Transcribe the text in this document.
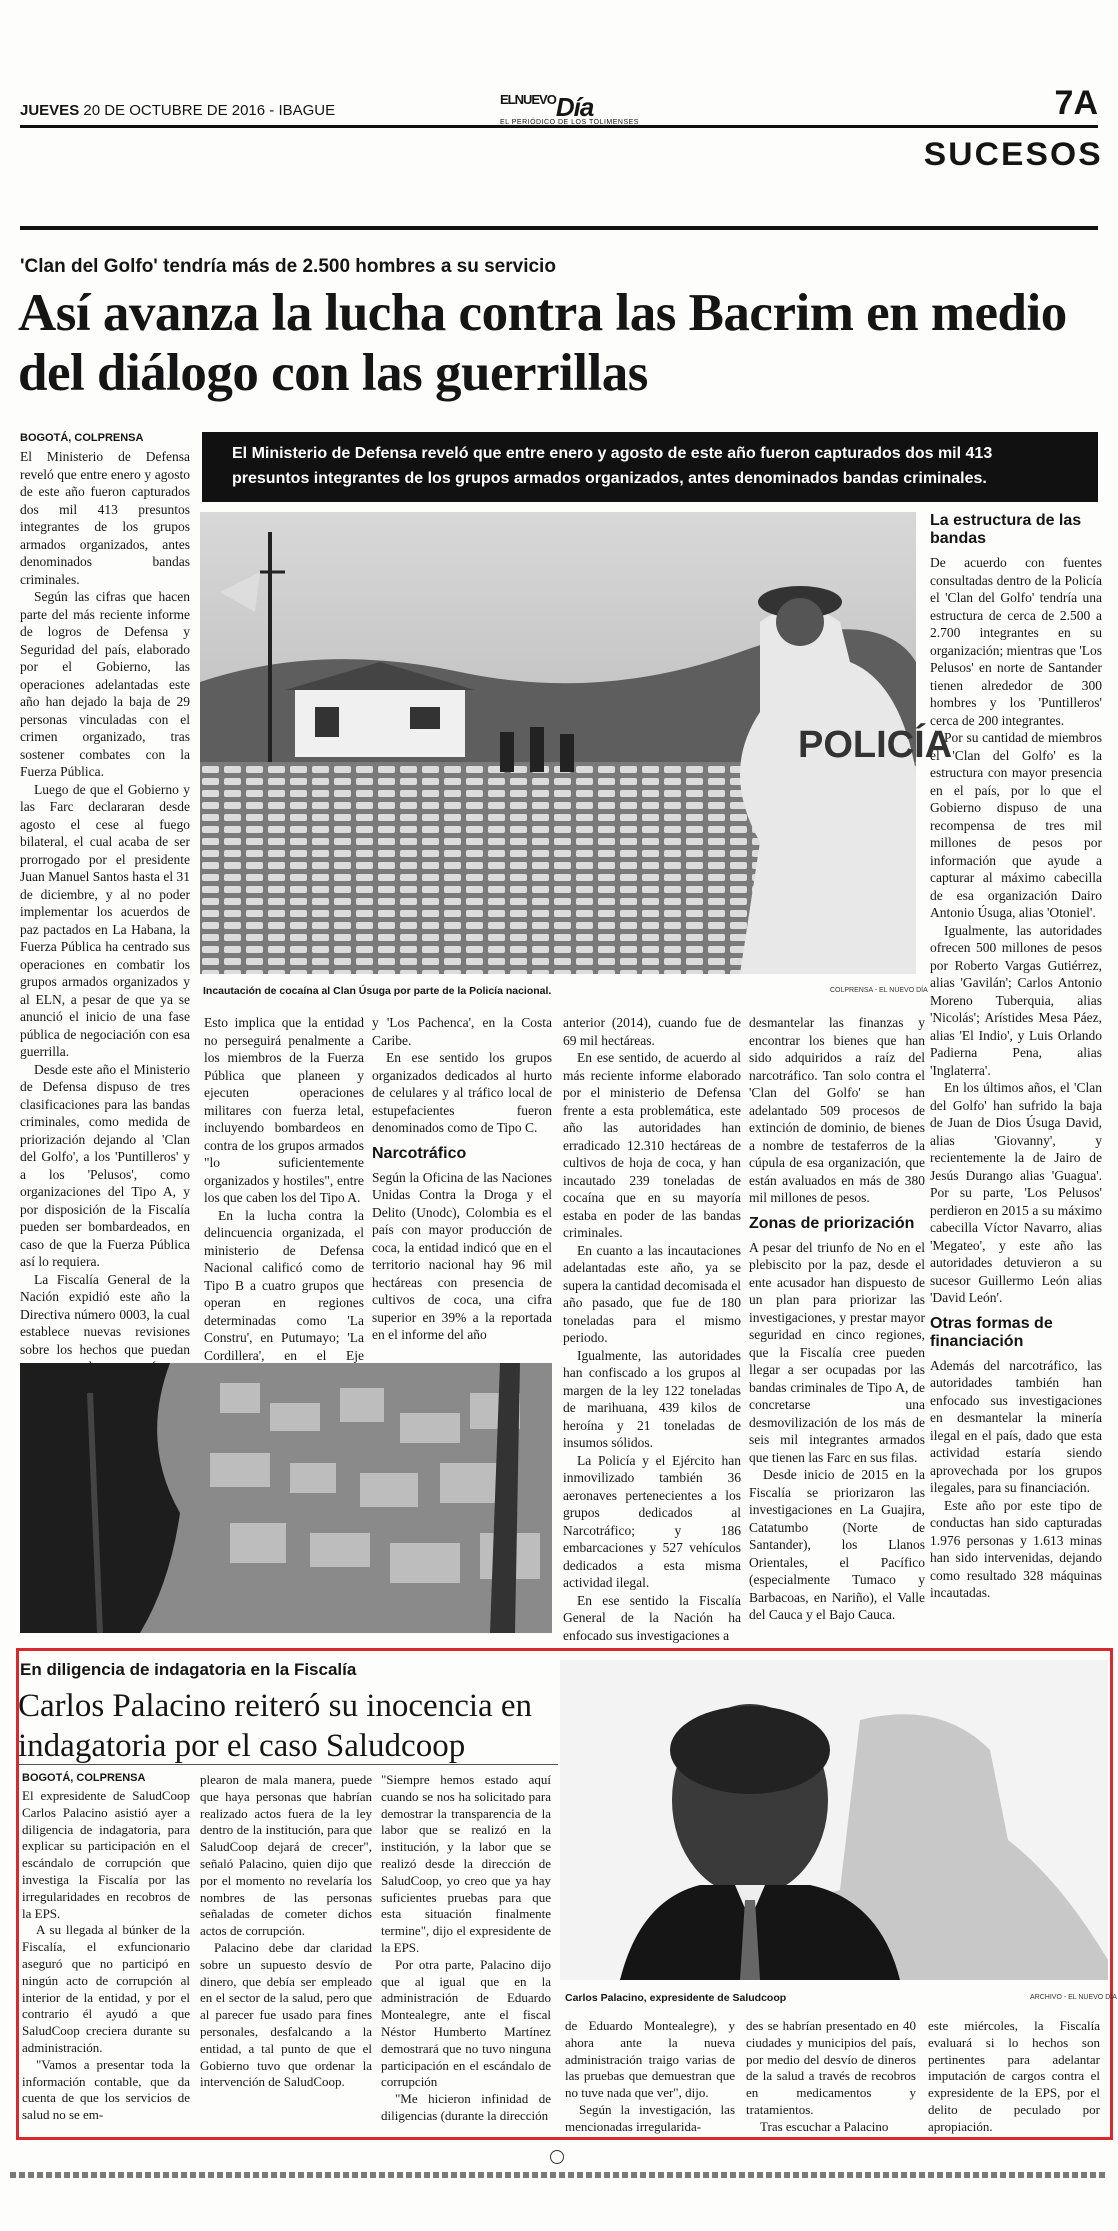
JUEVES 20 DE OCTUBRE DE 2016 - IBAGUE
$^{ELNUEVO}$Día
EL PERIÓDICO DE LOS TOLIMENSES
7A
SUCESOS
'Clan del Golfo' tendría más de 2.500 hombres a su servicio
Así avanza la lucha contra las Bacrim en medio del diálogo con las guerrillas
El Ministerio de Defensa reveló que entre enero y agosto de este año fueron capturados dos mil 413 presuntos integrantes de los grupos armados organizados, antes denominados bandas criminales.
BOGOTÁ, COLPRENSA

El Ministerio de Defensa reveló que entre enero y agosto de este año fueron capturados dos mil 413 presuntos integrantes de los grupos armados organizados, antes denominados bandas criminales.

Según las cifras que hacen parte del más reciente informe de logros de Defensa y Seguridad del país, elaborado por el Gobierno, las operaciones adelantadas este año han dejado la baja de 29 personas vinculadas con el crimen organizado, tras sostener combates con la Fuerza Pública.

Luego de que el Gobierno y las Farc declararan desde agosto el cese al fuego bilateral, el cual acaba de ser prorrogado por el presidente Juan Manuel Santos hasta el 31 de diciembre, y al no poder implementar los acuerdos de paz pactados en La Habana, la Fuerza Pública ha centrado sus operaciones en combatir los grupos armados organizados y al ELN, a pesar de que ya se anunció el inicio de una fase pública de negociación con esa guerrilla.

Desde este año el Ministerio de Defensa dispuso de tres clasificaciones para las bandas criminales, como medida de priorización dejando al 'Clan del Golfo', a los 'Puntilleros' y a los 'Pelusos', como organizaciones del Tipo A, y por disposición de la Fiscalía pueden ser bombardeados, en caso de que la Fuerza Pública así lo requiera.

La Fiscalía General de la Nación expidió este año la Directiva número 0003, la cual establece nuevas revisiones sobre los hechos que puedan

POLICÍA
Incautación de cocaína al Clan Úsuga por parte de la Policía nacional.	COLPRENSA - EL NUEVO DÍA

Esto implica que la entidad no perseguirá penalmente a los miembros de la Fuerza Pública que planeen y ejecuten operaciones militares con fuerza letal, incluyendo bombardeos en contra de los grupos armados "lo suficientemente organizados y hostiles", entre los que caben los del Tipo A.

En la lucha contra la delincuencia organizada, el ministerio de Defensa Nacional calificó como de Tipo B a cuatro grupos que operan en regiones determinadas como 'La Constru', en Putumayo; 'La Cordillera', en el Eje

y 'Los Pachenca', en la Costa Caribe.

En ese sentido los grupos organizados dedicados al hurto de celulares y al tráfico local de estupefacientes fueron denominados como de Tipo C.

Narcotráfico

Según la Oficina de las Naciones Unidas Contra la Droga y el Delito (Unodc), Colombia es el país con mayor producción de coca, la entidad indicó que en el territorio nacional hay 96 mil hectáreas con presencia de cultivos de coca, una cifra superior en 39% a la reportada en el informe del año

anterior (2014), cuando fue de 69 mil hectáreas.

En ese sentido, de acuerdo al más reciente informe elaborado por el ministerio de Defensa frente a esta problemática, este año las autoridades han erradicado 12.310 hectáreas de cultivos de hoja de coca, y han incautado 239 toneladas de cocaína que en su mayoría estaba en poder de las bandas criminales.

En cuanto a las incautaciones adelantadas este año, ya se supera la cantidad decomisada el año pasado, que fue de 180 toneladas para el mismo periodo.

Igualmente, las autoridades han confiscado a los grupos al margen de la ley 122 toneladas de marihuana, 439 kilos de heroína y 21 toneladas de insumos sólidos.

La Policía y el Ejército han inmovilizado también 36 aeronaves pertenecientes a los grupos dedicados al Narcotráfico; y 186 embarcaciones y 527 vehículos dedicados a esta misma actividad ilegal.

En ese sentido la Fiscalía General de la Nación ha enfocado sus investigaciones a

desmantelar las finanzas y encontrar los bienes que han sido adquiridos a raíz del narcotráfico. Tan solo contra el 'Clan del Golfo' se han adelantado 509 procesos de extinción de dominio, de bienes a nombre de testaferros de la cúpula de esa organización, que están avaluados en más de 380 mil millones de pesos.

Zonas de priorización

A pesar del triunfo de No en el plebiscito por la paz, desde el ente acusador han dispuesto de un plan para priorizar las investigaciones, y prestar mayor seguridad en cinco regiones, que la Fiscalía cree pueden llegar a ser ocupadas por las bandas criminales de Tipo A, de concretarse una desmovilización de los más de seis mil integrantes armados que tienen las Farc en sus filas.

Desde inicio de 2015 en la Fiscalía se priorizaron las investigaciones en La Guajira, Catatumbo (Norte de Santander), los Llanos Orientales, el Pacífico (especialmente Tumaco y Barbacoas, en Nariño), el Valle del Cauca y el Bajo Cauca.

La estructura de las bandas

De acuerdo con fuentes consultadas dentro de la Policía el 'Clan del Golfo' tendría una estructura de cerca de 2.500 a 2.700 integrantes en su organización; mientras que 'Los Pelusos' en norte de Santander tienen alrededor de 300 hombres y los 'Puntilleros' cerca de 200 integrantes.

Por su cantidad de miembros el 'Clan del Golfo' es la estructura con mayor presencia en el país, por lo que el Gobierno dispuso de una recompensa de tres mil millones de pesos por información que ayude a capturar al máximo cabecilla de esa organización Dairo Antonio Úsuga, alias 'Otoniel'.

Igualmente, las autoridades ofrecen 500 millones de pesos por Roberto Vargas Gutiérrez, alias 'Gavilán'; Carlos Antonio Moreno Tuberquia, alias 'Nicolás'; Arístides Mesa Páez, alias 'El Indio', y Luis Orlando Padierna Pena, alias 'Inglaterra'.

En los últimos años, el 'Clan del Golfo' han sufrido la baja de Juan de Dios Úsuga David, alias 'Giovanny', y recientemente la de Jairo de Jesús Durango alias 'Guagua'. Por su parte, 'Los Pelusos' perdieron en 2015 a su máximo cabecilla Víctor Navarro, alias 'Megateo', y este año las autoridades detuvieron a su sucesor Guillermo León alias 'David León'.

Otras formas de financiación

Además del narcotráfico, las autoridades también han enfocado sus investigaciones en desmantelar la minería ilegal en el país, dado que esta actividad estaría siendo aprovechada por los grupos ilegales, para su financiación.

Este año por este tipo de conductas han sido capturadas 1.976 personas y 1.613 minas han sido intervenidas, dejando como resultado 328 máquinas incautadas.

En diligencia de indagatoria en la Fiscalía
Carlos Palacino reiteró su inocencia en indagatoria por el caso Saludcoop
BOGOTÁ, COLPRENSA

El expresidente de SaludCoop Carlos Palacino asistió ayer a diligencia de indagatoria, para explicar su participación en el escándalo de corrupción que investiga la Fiscalía por las irregularidades en recobros de la EPS.

A su llegada al búnker de la Fiscalía, el exfuncionario aseguró que no participó en ningún acto de corrupción al interior de la entidad, y por el contrario él ayudó a que SaludCoop creciera durante su administración.

"Vamos a presentar toda la información contable, que da cuenta de que los servicios de salud no se em-

plearon de mala manera, puede que haya personas que habrían realizado actos fuera de la ley dentro de la institución, para que SaludCoop dejará de crecer", señaló Palacino, quien dijo que por el momento no revelaría los nombres de las personas señaladas de cometer dichos actos de corrupción.

Palacino debe dar claridad sobre un supuesto desvío de dinero, que debía ser empleado en el sector de la salud, pero que al parecer fue usado para fines personales, desfalcando a la entidad, a tal punto de que el Gobierno tuvo que ordenar la intervención de SaludCoop.

"Siempre hemos estado aquí cuando se nos ha solicitado para demostrar la transparencia de la labor que se realizó en la institución, y la labor que se realizó desde la dirección de SaludCoop, yo creo que ya hay suficientes pruebas para que esta situación finalmente termine", dijo el expresidente de la EPS.

Por otra parte, Palacino dijo que al igual que en la administración de Eduardo Montealegre, ante el fiscal Néstor Humberto Martínez demostrará que no tuvo ninguna participación en el escándalo de corrupción

"Me hicieron infinidad de diligencias (durante la dirección

Carlos Palacino, expresidente de Saludcoop	ARCHIVO - EL NUEVO DÍA

de Eduardo Montealegre), y ahora ante la nueva administración traigo varias de las pruebas que demuestran que no tuve nada que ver", dijo.

Según la investigación, las mencionadas irregularida-

des se habrían presentado en 40 ciudades y municipios del país, por medio del desvío de dineros de la salud a través de recobros en medicamentos y tratamientos.

Tras escuchar a Palacino

este miércoles, la Fiscalía evaluará si lo hechos son pertinentes para adelantar imputación de cargos contra el expresidente de la EPS, por el delito de peculado por apropiación.
